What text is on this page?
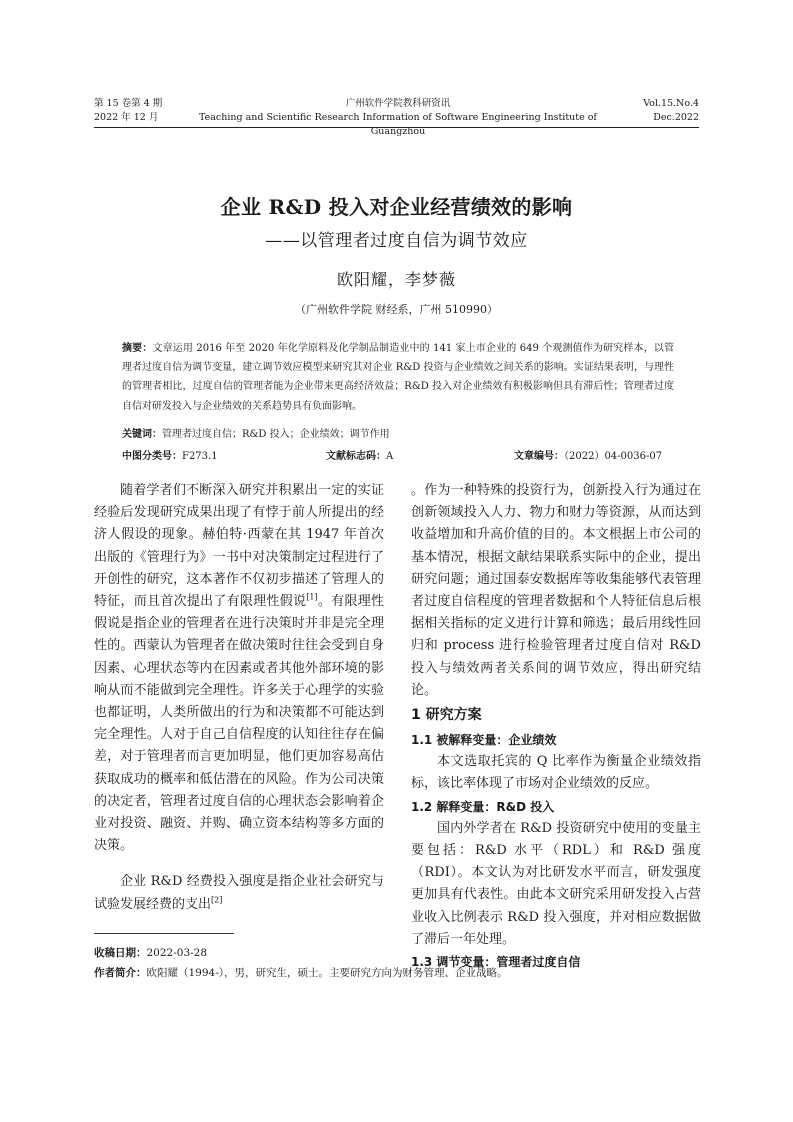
第 15 卷第 4 期
2022 年 12 月
广州软件学院教科研资讯
Teaching and Scientific Research Information of Software Engineering Institute of Guangzhou
Vol.15.No.4
Dec.2022
企业 R&D 投入对企业经营绩效的影响
——以管理者过度自信为调节效应
欧阳耀，李梦薇
（广州软件学院 财经系，广州 510990）
摘要：文章运用 2016 年至 2020 年化学原料及化学制品制造业中的 141 家上市企业的 649 个观测值作为研究样本，以管理者过度自信为调节变量，建立调节效应模型来研究其对企业 R&D 投资与企业绩效之间关系的影响。实证结果表明，与理性的管理者相比，过度自信的管理者能为企业带来更高经济效益；R&D 投入对企业绩效有积极影响但具有滞后性；管理者过度自信对研发投入与企业绩效的关系趋势具有负面影响。
关键词：管理者过度自信；R&D 投入；企业绩效；调节作用
中图分类号：F273.1	文献标志码：A	文章编号：（2022）04-0036-07

随着学者们不断深入研究并积累出一定的实证经验后发现研究成果出现了有悖于前人所提出的经济人假设的现象。赫伯特·西蒙在其 1947 年首次出版的《管理行为》一书中对决策制定过程进行了开创性的研究，这本著作不仅初步描述了管理人的特征，而且首次提出了有限理性假说[1]。有限理性假说是指企业的管理者在进行决策时并非是完全理性的。西蒙认为管理者在做决策时往往会受到自身因素、心理状态等内在因素或者其他外部环境的影响从而不能做到完全理性。许多关于心理学的实验也都证明，人类所做出的行为和决策都不可能达到完全理性。人对于自己自信程度的认知往往存在偏差，对于管理者而言更加明显，他们更加容易高估获取成功的概率和低估潜在的风险。作为公司决策的决定者，管理者过度自信的心理状态会影响着企业对投资、融资、并购、确立资本结构等多方面的决策。

企业 R&D 经费投入强度是指企业社会研究与试验发展经费的支出[2]

。作为一种特殊的投资行为，创新投入行为通过在创新领域投入人力、物力和财力等资源，从而达到收益增加和升高价值的目的。本文根据上市公司的基本情况，根据文献结果联系实际中的企业，提出研究问题；通过国泰安数据库等收集能够代表管理者过度自信程度的管理者数据和个人特征信息后根据相关指标的定义进行计算和筛选；最后用线性回归和 process 进行检验管理者过度自信对 R&D 投入与绩效两者关系间的调节效应，得出研究结论。

1 研究方案
1.1 被解释变量：企业绩效

本文选取托宾的 Q 比率作为衡量企业绩效指标，该比率体现了市场对企业绩效的反应。

1.2 解释变量：R&D 投入

国内外学者在 R&D 投资研究中使用的变量主要包括：R&D 水平（RDL）和 R&D 强度（RDI）。本文认为对比研发水平而言，研发强度更加具有代表性。由此本文研究采用研发投入占营业收入比例表示 R&D 投入强度，并对相应数据做了滞后一年处理。

1.3 调节变量：管理者过度自信
收稿日期：2022-03-28
作者简介：欧阳耀（1994-），男，研究生，硕士。主要研究方向为财务管理、企业战略。
